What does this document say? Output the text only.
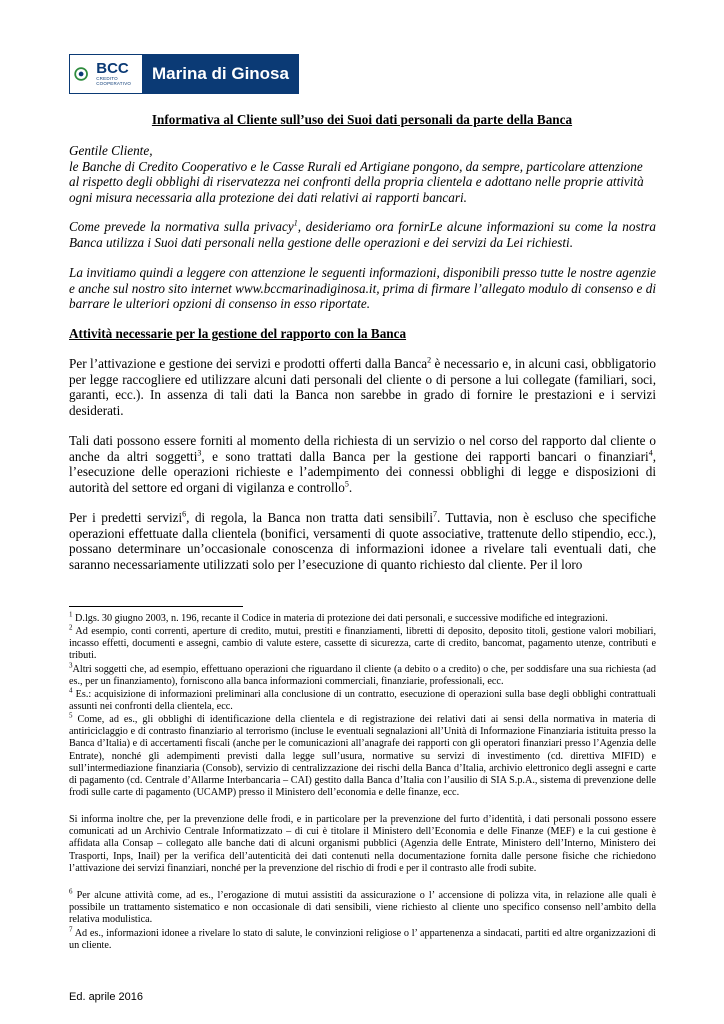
BCC
CREDITO COOPERATIVO
Marina di Ginosa
Informativa al Cliente sull’uso dei Suoi dati personali da parte della Banca
Gentile Cliente,
le Banche di Credito Cooperativo e le Casse Rurali ed Artigiane pongono, da sempre, particolare attenzione al rispetto degli obblighi di riservatezza nei confronti della propria clientela e adottano nelle proprie attività ogni misura necessaria alla protezione dei dati relativi ai rapporti bancari.
Come prevede la normativa sulla privacy$^1$, desideriamo ora fornirLe alcune informazioni su come la nostra Banca utilizza i Suoi dati personali nella gestione delle operazioni e dei servizi da Lei richiesti.
La invitiamo quindi a leggere con attenzione le seguenti informazioni, disponibili presso tutte le nostre agenzie e anche sul nostro sito internet www.bccmarinadiginosa.it, prima di firmare l’allegato modulo di consenso e di barrare le ulteriori opzioni di consenso in esso riportate.
Attività necessarie per la gestione del rapporto con la Banca
Per l’attivazione e gestione dei servizi e prodotti offerti dalla Banca$^2$ è necessario e, in alcuni casi, obbligatorio per legge raccogliere ed utilizzare alcuni dati personali del cliente o di persone a lui collegate (familiari, soci, garanti, ecc.). In assenza di tali dati la Banca non sarebbe in grado di fornire le prestazioni e i servizi desiderati.
Tali dati possono essere forniti al momento della richiesta di un servizio o nel corso del rapporto dal cliente o anche da altri soggetti$^3$, e sono trattati dalla Banca per la gestione dei rapporti bancari o finanziari$^4$, l’esecuzione delle operazioni richieste e l’adempimento dei connessi obblighi di legge e disposizioni di autorità del settore ed organi di vigilanza e controllo$^5$.
Per i predetti servizi$^6$, di regola, la Banca non tratta dati sensibili$^7$. Tuttavia, non è escluso che specifiche operazioni effettuate dalla clientela (bonifici, versamenti di quote associative, trattenute dello stipendio, ecc.), possano determinare un’occasionale conoscenza di informazioni idonee a rivelare tali eventuali dati, che saranno necessariamente utilizzati solo per l’esecuzione di quanto richiesto dal cliente. Per il loro
$^1$ D.lgs. 30 giugno 2003, n. 196, recante il Codice in materia di protezione dei dati personali, e successive modifiche ed integrazioni.
$^2$ Ad esempio, conti correnti, aperture di credito, mutui, prestiti e finanziamenti, libretti di deposito, deposito titoli, gestione valori mobiliari, incasso effetti, documenti e assegni, cambio di valute estere, cassette di sicurezza, carte di credito, bancomat, pagamento utenze, contributi e tributi.
$^3$Altri soggetti che, ad esempio, effettuano operazioni che riguardano il cliente (a debito o a credito) o che, per soddisfare una sua richiesta (ad es., per un finanziamento), forniscono alla banca informazioni commerciali, finanziarie, professionali, ecc.
$^4$ Es.: acquisizione di informazioni preliminari alla conclusione di un contratto, esecuzione di operazioni sulla base degli obblighi contrattuali assunti nei confronti della clientela, ecc.
$^5$ Come, ad es., gli obblighi di identificazione della clientela e di registrazione dei relativi dati ai sensi della normativa in materia di antiriciclaggio e di contrasto finanziario al terrorismo (incluse le eventuali segnalazioni all’Unità di Informazione Finanziaria istituita presso la Banca d’Italia) e di accertamenti fiscali (anche per le comunicazioni all’anagrafe dei rapporti con gli operatori finanziari presso l’Agenzia delle Entrate), nonché gli adempimenti previsti dalla legge sull’usura, normative su servizi di investimento (cd. direttiva MIFID) e sull’intermediazione finanziaria (Consob), servizio di centralizzazione dei rischi della Banca d’Italia, archivio elettronico degli assegni e carte di pagamento (cd. Centrale d’Allarme Interbancaria – CAI) gestito dalla Banca d’Italia con l’ausilio di SIA S.p.A., sistema di prevenzione delle frodi sulle carte di pagamento (UCAMP) presso il Ministero dell’economia e delle finanze, ecc.
Si informa inoltre che, per la prevenzione delle frodi, e in particolare per la prevenzione del furto d’identità, i dati personali possono essere comunicati ad un Archivio Centrale Informatizzato – di cui è titolare il Ministero dell’Economia e delle Finanze (MEF) e la cui gestione è affidata alla Consap – collegato alle banche dati di alcuni organismi pubblici (Agenzia delle Entrate, Ministero dell’Interno, Ministero dei Trasporti, Inps, Inail) per la verifica dell’autenticità dei dati contenuti nella documentazione fornita dalle persone fisiche che richiedono l’attivazione dei servizi finanziari, nonché per la prevenzione del rischio di frodi e per il contrasto alle frodi subite.
$^6$ Per alcune attività come, ad es., l’erogazione di mutui assistiti da assicurazione o l’ accensione di polizza vita, in relazione alle quali è possibile un trattamento sistematico e non occasionale di dati sensibili, viene richiesto al cliente uno specifico consenso nell’ambito della relativa modulistica.
$^7$ Ad es., informazioni idonee a rivelare lo stato di salute, le convinzioni religiose o l’ appartenenza a sindacati, partiti ed altre organizzazioni di un cliente.
Ed. aprile 2016
